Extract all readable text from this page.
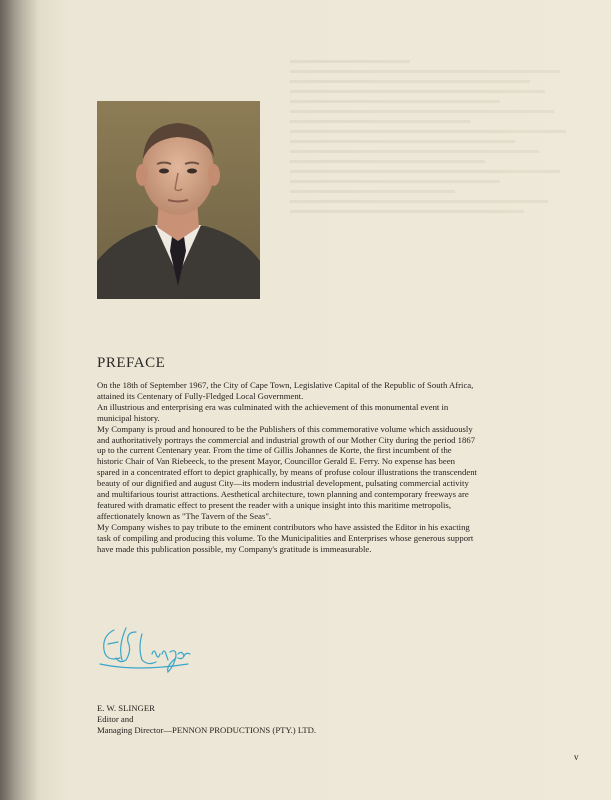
PREFACE

On the 18th of September 1967, the City of Cape Town, Legislative Capital of the Republic of South Africa, attained its Centenary of Fully-Fledged Local Government.

An illustrious and enterprising era was culminated with the achievement of this monumental event in municipal history.

My Company is proud and honoured to be the Publishers of this commemorative volume which assiduously and authoritatively portrays the commercial and industrial growth of our Mother City during the period 1867 up to the current Centenary year. From the time of Gillis Johannes de Korte, the first incumbent of the historic Chair of Van Riebeeck, to the present Mayor, Councillor Gerald E. Ferry. No expense has been spared in a concentrated effort to depict graphically, by means of profuse colour illustrations the transcendent beauty of our dignified and august City—its modern industrial development, pulsating commercial activity and multifarious tourist attractions. Aesthetical architecture, town planning and contemporary freeways are featured with dramatic effect to present the reader with a unique insight into this maritime metropolis, affectionately known as "The Tavern of the Seas".

My Company wishes to pay tribute to the eminent contributors who have assisted the Editor in his exacting task of compiling and producing this volume. To the Municipalities and Enterprises whose generous support have made this publication possible, my Company's gratitude is immeasurable.

E. W. SLINGER
Editor and
Managing Director—PENNON PRODUCTIONS (PTY.) LTD.
v
